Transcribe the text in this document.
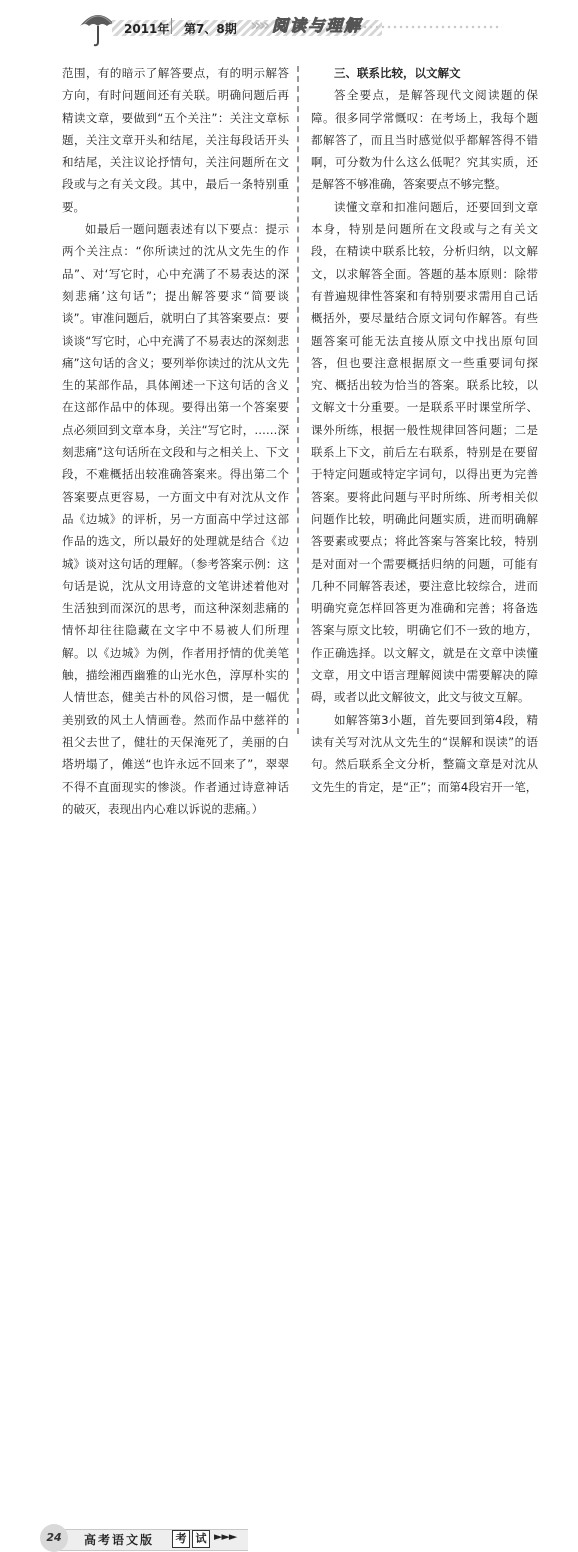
2011年 第7、8期 »» 阅读与理解

范围，有的暗示了解答要点，有的明示解答方向，有时问题间还有关联。明确问题后再精读文章，要做到“五个关注”：关注文章标题，关注文章开头和结尾，关注每段话开头和结尾，关注议论抒情句，关注问题所在文段或与之有关文段。其中，最后一条特别重要。

如最后一题问题表述有以下要点：提示两个关注点：“你所读过的沈从文先生的作品”、对‘写它时，心中充满了不易表达的深刻悲痛’这句话”；提出解答要求“简要谈谈”。审准问题后，就明白了其答案要点：要谈谈“写它时，心中充满了不易表达的深刻悲痛”这句话的含义；要列举你读过的沈从文先生的某部作品，具体阐述一下这句话的含义在这部作品中的体现。要得出第一个答案要点必须回到文章本身，关注“写它时，……深刻悲痛”这句话所在文段和与之相关上、下文段，不难概括出较准确答案来。得出第二个答案要点更容易，一方面文中有对沈从文作品《边城》的评析，另一方面高中学过这部作品的选文，所以最好的处理就是结合《边城》谈对这句话的理解。（参考答案示例：这句话是说，沈从文用诗意的文笔讲述着他对生活独到而深沉的思考，而这种深刻悲痛的情怀却往往隐藏在文字中不易被人们所理解。以《边城》为例，作者用抒情的优美笔触，描绘湘西幽雅的山光水色，淳厚朴实的人情世态，健美古朴的风俗习惯，是一幅优美别致的风土人情画卷。然而作品中慈祥的祖父去世了，健壮的天保淹死了，美丽的白塔坍塌了，傩送“也许永远不回来了”，翠翠不得不直面现实的惨淡。作者通过诗意神话的破灭，表现出内心难以诉说的悲痛。）

三、联系比较，以文解文

答全要点，是解答现代文阅读题的保障。很多同学常慨叹：在考场上，我每个题都解答了，而且当时感觉似乎都解答得不错啊，可分数为什么这么低呢？究其实质，还是解答不够准确，答案要点不够完整。

读懂文章和扣准问题后，还要回到文章本身，特别是问题所在文段或与之有关文段，在精读中联系比较，分析归纳，以文解文，以求解答全面。答题的基本原则：除带有普遍规律性答案和有特别要求需用自己话概括外，要尽量结合原文词句作解答。有些题答案可能无法直接从原文中找出原句回答，但也要注意根据原文一些重要词句探究、概括出较为恰当的答案。联系比较，以文解文十分重要。一是联系平时课堂所学、课外所练，根据一般性规律回答问题；二是联系上下文，前后左右联系，特别是在要留于特定问题或特定字词句，以得出更为完善答案。要将此问题与平时所练、所考相关似问题作比较，明确此问题实质，进而明确解答要素或要点；将此答案与答案比较，特别是对面对一个需要概括归纳的问题，可能有几种不同解答表述，要注意比较综合，进而明确究竟怎样回答更为准确和完善；将备选答案与原文比较，明确它们不一致的地方，作正确选择。以文解文，就是在文章中读懂文章，用文中语言理解阅读中需要解决的障碍，或者以此文解彼文，此文与彼文互解。

如解答第3小题，首先要回到第4段，精读有关写对沈从文先生的“误解和误读”的语句。然后联系全文分析，整篇文章是对沈从文先生的肯定，是“正”；而第4段宕开一笔，

24	高考语文版	考 试 ►►►
